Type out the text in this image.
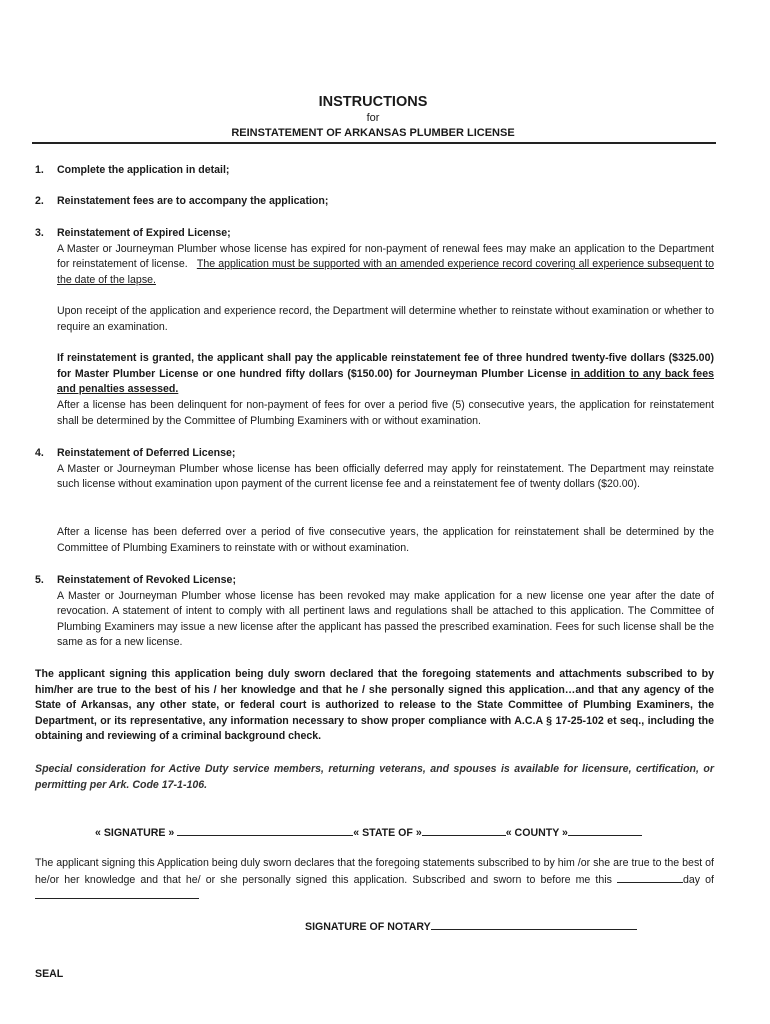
INSTRUCTIONS
for
REINSTATEMENT OF ARKANSAS PLUMBER LICENSE
1. Complete the application in detail;
2. Reinstatement fees are to accompany the application;
3. Reinstatement of Expired License;
A Master or Journeyman Plumber whose license has expired for non-payment of renewal fees may make an application to the Department for reinstatement of license. The application must be supported with an amended experience record covering all experience subsequent to the date of the lapse.
Upon receipt of the application and experience record, the Department will determine whether to reinstate without examination or whether to require an examination.
If reinstatement is granted, the applicant shall pay the applicable reinstatement fee of three hundred twenty-five dollars ($325.00) for Master Plumber License or one hundred fifty dollars ($150.00) for Journeyman Plumber License in addition to any back fees and penalties assessed.
After a license has been delinquent for non-payment of fees for over a period five (5) consecutive years, the application for reinstatement shall be determined by the Committee of Plumbing Examiners with or without examination.
4. Reinstatement of Deferred License;
A Master or Journeyman Plumber whose license has been officially deferred may apply for reinstatement. The Department may reinstate such license without examination upon payment of the current license fee and a reinstatement fee of twenty dollars ($20.00).
After a license has been deferred over a period of five consecutive years, the application for reinstatement shall be determined by the Committee of Plumbing Examiners to reinstate with or without examination.
5. Reinstatement of Revoked License;
A Master or Journeyman Plumber whose license has been revoked may make application for a new license one year after the date of revocation. A statement of intent to comply with all pertinent laws and regulations shall be attached to this application. The Committee of Plumbing Examiners may issue a new license after the applicant has passed the prescribed examination. Fees for such license shall be the same as for a new license.
The applicant signing this application being duly sworn declared that the foregoing statements and attachments subscribed to by him/her are true to the best of his / her knowledge and that he / she personally signed this application…and that any agency of the State of Arkansas, any other state, or federal court is authorized to release to the State Committee of Plumbing Examiners, the Department, or its representative, any information necessary to show proper compliance with A.C.A § 17-25-102 et seq., including the obtaining and reviewing of a criminal background check.
Special consideration for Active Duty service members, returning veterans, and spouses is available for licensure, certification, or permitting per Ark. Code 17-1-106.
« SIGNATURE »	« STATE OF »	« COUNTY »
The applicant signing this Application being duly sworn declares that the foregoing statements subscribed to by him /or she are true to the best of he/or her knowledge and that he/ or she personally signed this application. Subscribed and sworn to before me this	day of
SIGNATURE OF NOTARY
SEAL
